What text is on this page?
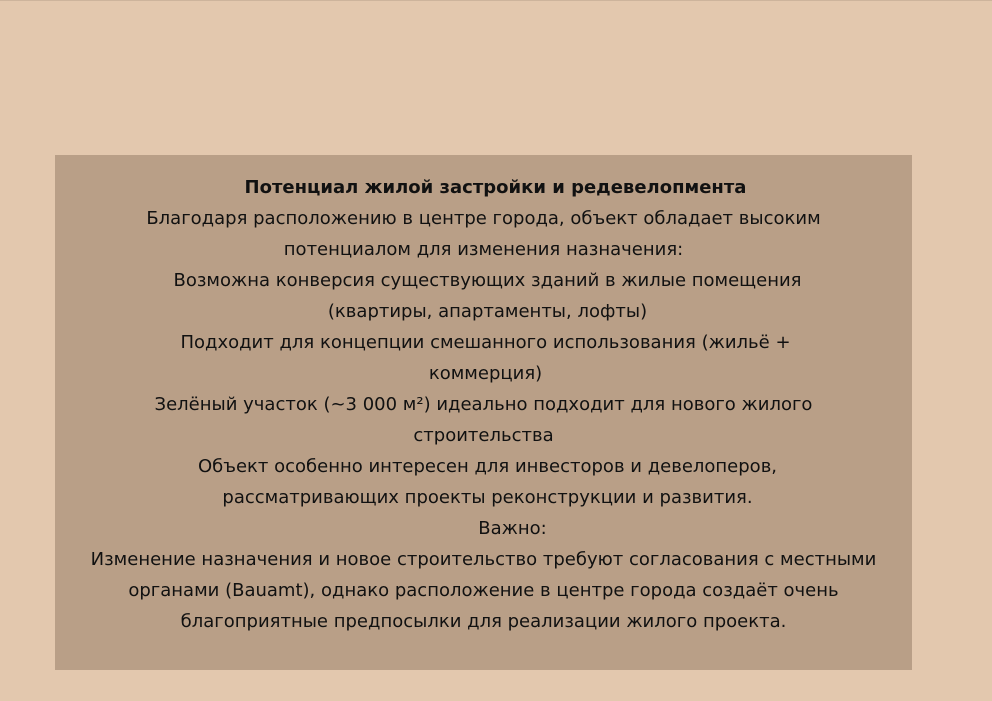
Потенциал жилой застройки и редевелопмента

Благодаря расположению в центре города, объект обладает высоким потенциалом для изменения назначения:

Возможна конверсия существующих зданий в жилые помещения (квартиры, апартаменты, лофты)

Подходит для концепции смешанного использования (жильё + коммерция)

Зелёный участок (~3 000 м²) идеально подходит для нового жилого строительства

Объект особенно интересен для инвесторов и девелоперов, рассматривающих проекты реконструкции и развития.

Важно:

Изменение назначения и новое строительство требуют согласования с местными органами (Bauamt), однако расположение в центре города создаёт очень благоприятные предпосылки для реализации жилого проекта.
